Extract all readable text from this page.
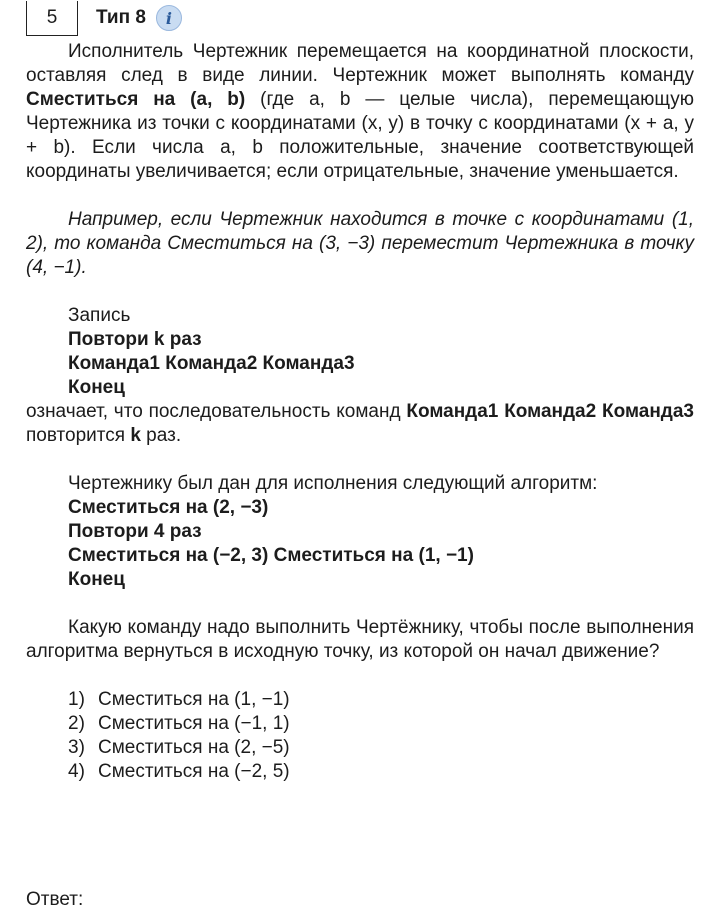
5	Тип 8	i

Исполнитель Чертежник перемещается на координатной плоскости, оставляя след в виде линии. Чертежник может выполнять команду Сместиться на (a, b) (где a, b — целые числа), перемещающую Чертежника из точки с координатами (x, y) в точку с координатами (x + a, y + b). Если числа a, b положительные, значение соответствующей координаты увеличивается; если отрицательные, значение уменьшается.

Например, если Чертежник находится в точке с координатами (1, 2), то команда Сместиться на (3, −3) переместит Чертежника в точку (4, −1).

Запись
Повтори k раз
Команда1 Команда2 Команда3
Конец

означает, что последовательность команд Команда1 Команда2 Команда3 повторится k раз.

Чертежнику был дан для исполнения следующий алгоритм:
Сместиться на (2, −3)
Повтори 4 раз
Сместиться на (−2, 3) Сместиться на (1, −1)
Конец

Какую команду надо выполнить Чертёжнику, чтобы после выполнения алгоритма вернуться в исходную точку, из которой он начал движение?

1) Сместиться на (1, −1)
2) Сместиться на (−1, 1)
3) Сместиться на (2, −5)
4) Сместиться на (−2, 5)
Ответ:
